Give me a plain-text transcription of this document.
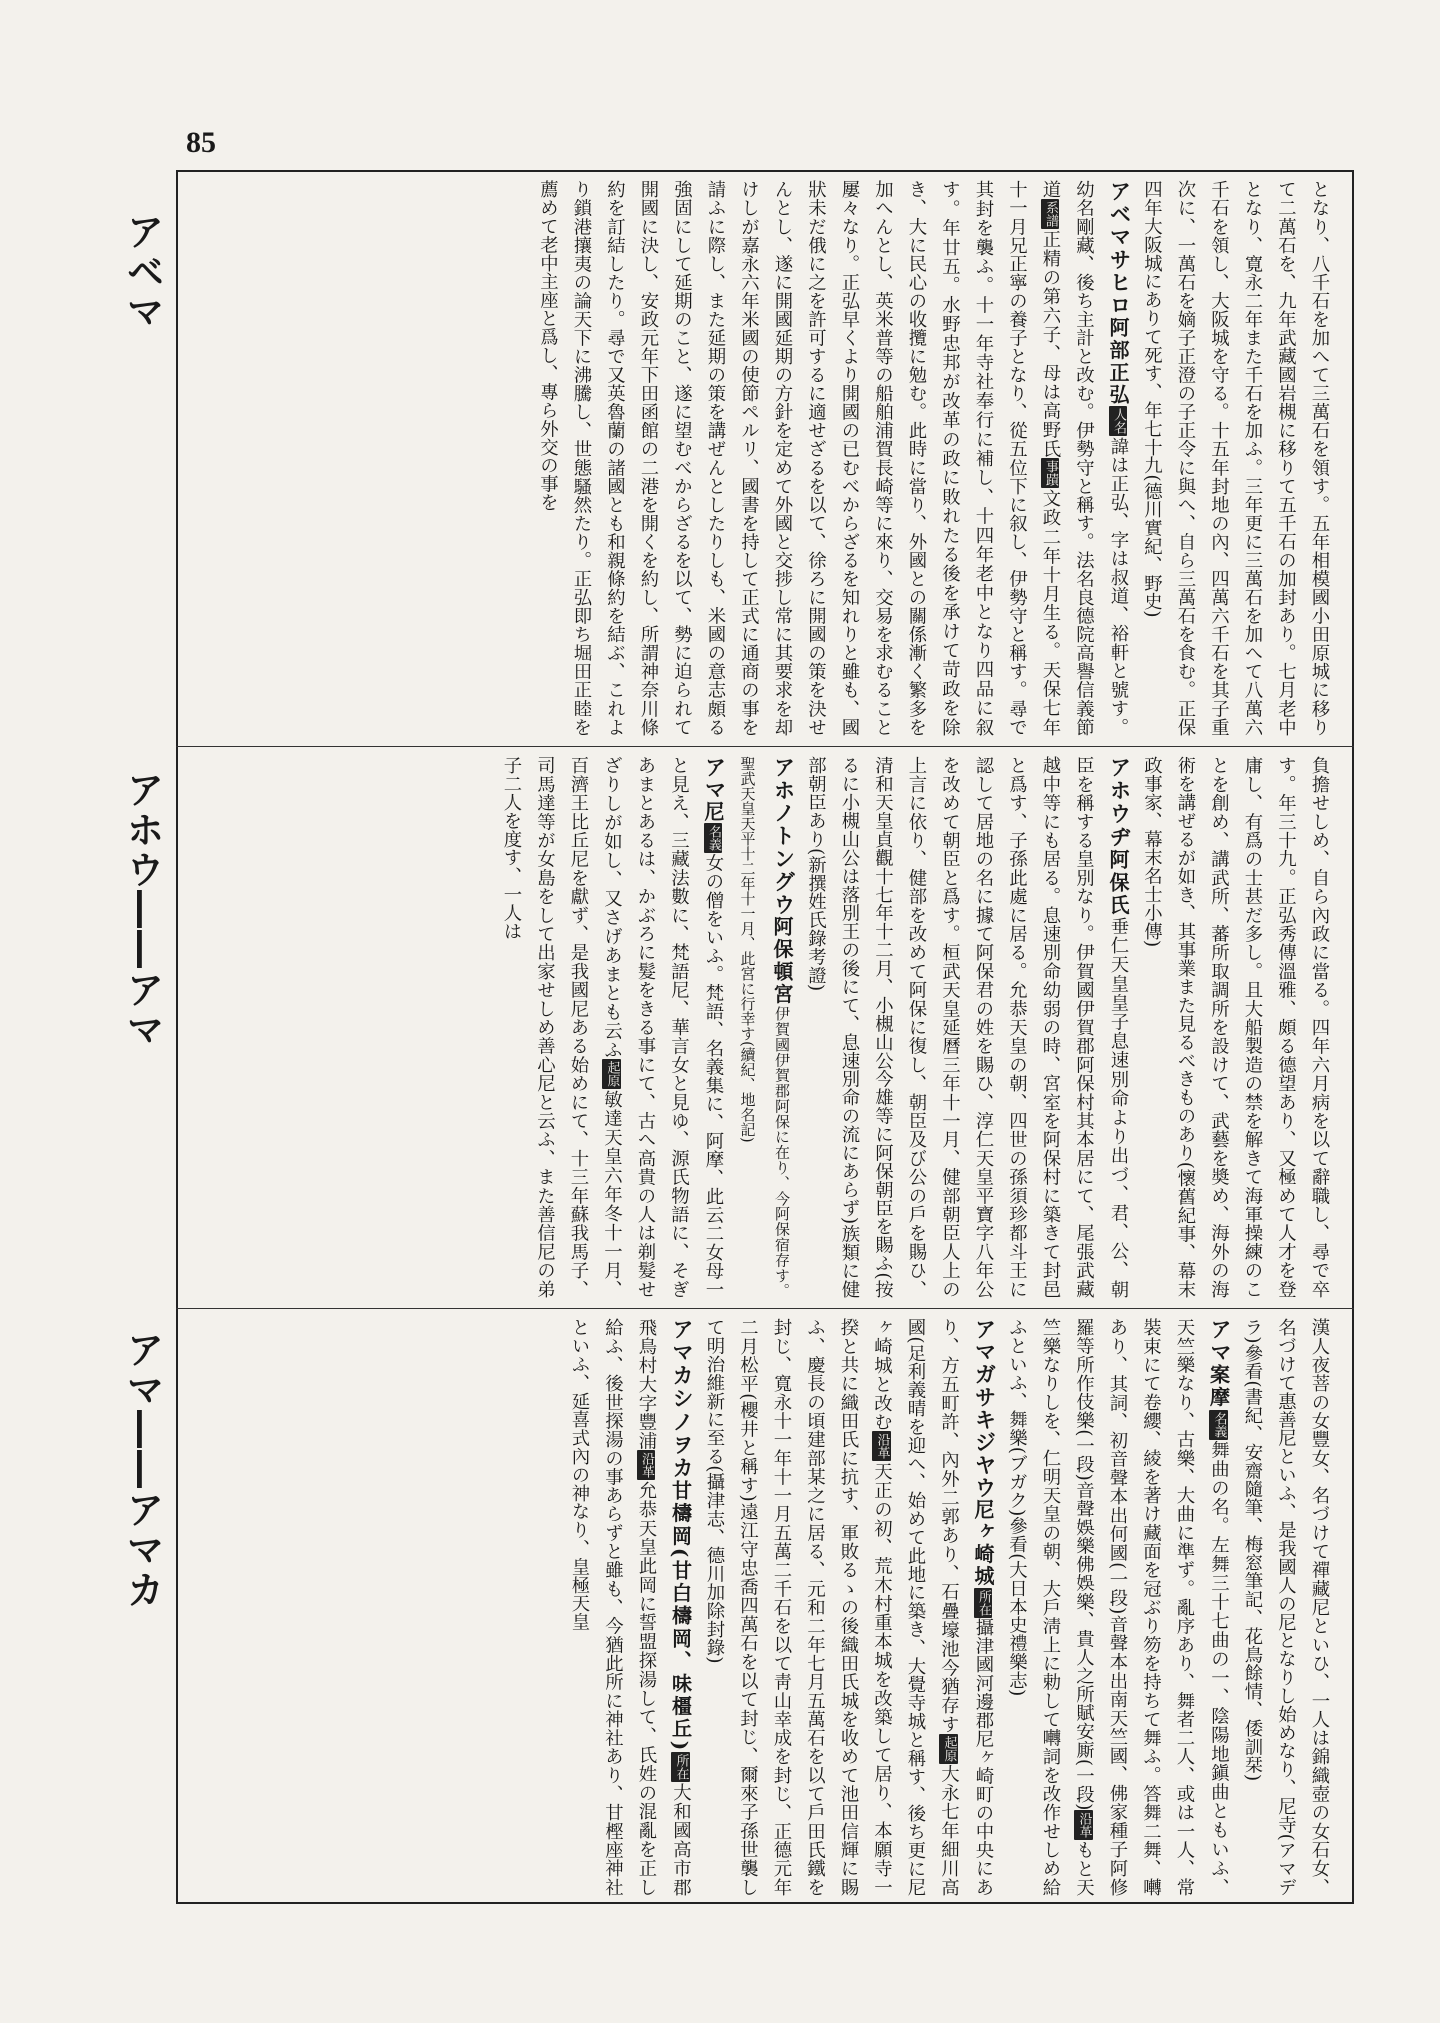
85
アベマ
アホウ――アマ
アマ――アマカ

となり、八千石を加へて三萬石を領す。五年相模國小田原城に移りて二萬石を、九年武藏國岩槻に移りて五千石の加封あり。七月老中となり、寛永二年また千石を加ふ。三年更に三萬石を加へて八萬六千石を領し、大阪城を守る。十五年封地の內、四萬六千石を其子重次に、一萬石を嫡子正澄の子正令に與へ、自ら三萬石を食む。正保四年大阪城にありて死す、年七十九(德川實紀、野史)

アベマサヒロ阿部正弘人名諱は正弘、字は叔道、裕軒と號す。幼名剛藏、後ち主計と改む。伊勢守と稱す。法名良德院高譽信義節道系譜正精の第六子、母は高野氏事蹟文政二年十月生る。天保七年十一月兄正寧の養子となり、從五位下に叙し、伊勢守と稱す。尋で其封を襲ふ。十一年寺社奉行に補し、十四年老中となり四品に叙す。年廿五。水野忠邦が改革の政に敗れたる後を承けて苛政を除き、大に民心の收攬に勉む。此時に當り、外國との關係漸く繁多を加へんとし、英米普等の船舶浦賀長崎等に來り、交易を求むること屢々なり。正弘早くより開國の已むべからざるを知れりと雖も、國狀未だ俄に之を許可するに適せざるを以て、徐ろに開國の策を決せんとし、遂に開國延期の方針を定めて外國と交捗し常に其要求を却けしが嘉永六年米國の使節ペルリ、國書を持して正式に通商の事を請ふに際し、また延期の策を講ぜんとしたりしも、米國の意志頗る強固にして延期のこと、遂に望むべからざるを以て、勢に迫られて開國に決し、安政元年下田函館の二港を開くを約し、所謂神奈川條約を訂結したり。尋で又英魯蘭の諸國とも和親條約を結ぶ、これより鎖港攘夷の論天下に沸騰し、世態騷然たり。正弘即ち堀田正睦を薦めて老中主座と爲し、專ら外交の事を

負擔せしめ、自ら內政に當る。四年六月病を以て辭職し、尋で卒す。年三十九。正弘秀傳溫雅、頗る德望あり、又極めて人才を登庸し、有爲の士甚だ多し。且大船製造の禁を解きて海軍操練のことを創め、講武所、蕃所取調所を設けて、武藝を奬め、海外の海術を講ぜるが如き、其事業また見るべきものあり(懷舊紀事、幕末政事家、幕末名士小傳)

アホウヂ阿保氏垂仁天皇皇子息速別命より出づ、君、公、朝臣を稱する皇別なり。伊賀國伊賀郡阿保村其本居にて、尾張武藏越中等にも居る。息速別命幼弱の時、宮室を阿保村に築きて封邑と爲す、子孫此處に居る。允恭天皇の朝、四世の孫須珍都斗王に認して居地の名に據て阿保君の姓を賜ひ、淳仁天皇平寶字八年公を改めて朝臣と爲す。桓武天皇延曆三年十一月、健部朝臣人上の上言に依り、健部を改めて阿保に復し、朝臣及び公の戶を賜ひ、清和天皇貞觀十七年十二月、小槻山公今雄等に阿保朝臣を賜ふ(按るに小槻山公は落別王の後にて、息速別命の流にあらず)族類に健部朝臣あり(新撰姓氏錄考證)

アホノトングウ阿保頓宮伊賀國伊賀郡阿保に在り、今阿保宿存す。聖武天皇天平十二年十一月、此宮に行幸す(續紀、地名記)

アマ尼名義女の僧をいふ。梵語、名義集に、阿摩、此云二女母一と見え、三藏法數に、梵語尼、華言女と見ゆ、源氏物語に、そぎあまとあるは、かぶろに髮をきる事にて、古へ高貴の人は剃髮せざりしが如し、又さげあまとも云ふ起原敏達天皇六年冬十一月、百濟王比丘尼を獻ず、是我國尼ある始めにて、十三年蘇我馬子、司馬達等が女島をして出家せしめ善心尼と云ふ、また善信尼の弟子二人を度す、一人は

漢人夜菩の女豐女、名づけて禪藏尼といひ、一人は錦織壺の女石女、名づけて惠善尼といふ、是我國人の尼となりし始めなり、尼寺(アマデラ)參看(書紀、安齋隨筆、梅窓筆記、花鳥餘情、倭訓栞)

アマ案摩名義舞曲の名。左舞三十七曲の一、陰陽地鎭曲ともいふ、天竺樂なり、古樂、大曲に準ず。亂序あり、舞者二人、或は一人、常裝束にて卷纓、綾を著け藏面を冠ぶり笏を持ちて舞ふ。答舞二舞、囀あり、其詞、初音聲本出何國(一段)音聲本出南天竺國、佛家種子阿修羅等所作伎樂(一段)音聲娛樂佛娛樂、貴人之所賦安廝(一段)沿革もと天竺樂なりしを、仁明天皇の朝、大戶淸上に勅して囀詞を改作せしめ給ふといふ、舞樂(ブガク)參看(大日本史禮樂志)

アマガサキジヤウ尼ヶ崎城所在攝津國河邊郡尼ヶ崎町の中央にあり、方五町許、內外二郭あり、石疊壕池今猶存す起原大永七年細川高國(足利義晴を迎へ、始めて此地に築き、大覺寺城と稱す、後ち更に尼ヶ崎城と改む沿革天正の初、荒木村重本城を改築して居り、本願寺一揆と共に織田氏に抗す、軍敗るゝの後織田氏城を收めて池田信輝に賜ふ、慶長の頃建部某之に居る、元和二年七月五萬石を以て戶田氏鐵を封じ、寬永十一年十一月五萬二千石を以て靑山幸成を封じ、正德元年二月松平(櫻井と稱す)遠江守忠喬四萬石を以て封じ、爾來子孫世襲して明治維新に至る(攝津志、德川加除封錄)

アマカシノヲカ甘檮岡(甘白檮岡、味橿丘)所在大和國高市郡飛鳥村大字豐浦沿革允恭天皇此岡に誓盟探湯して、氏姓の混亂を正し給ふ、後世探湯の事あらずと雖も、今猶此所に神社あり、甘樫座神社といふ、延喜式內の神なり、皇極天皇
